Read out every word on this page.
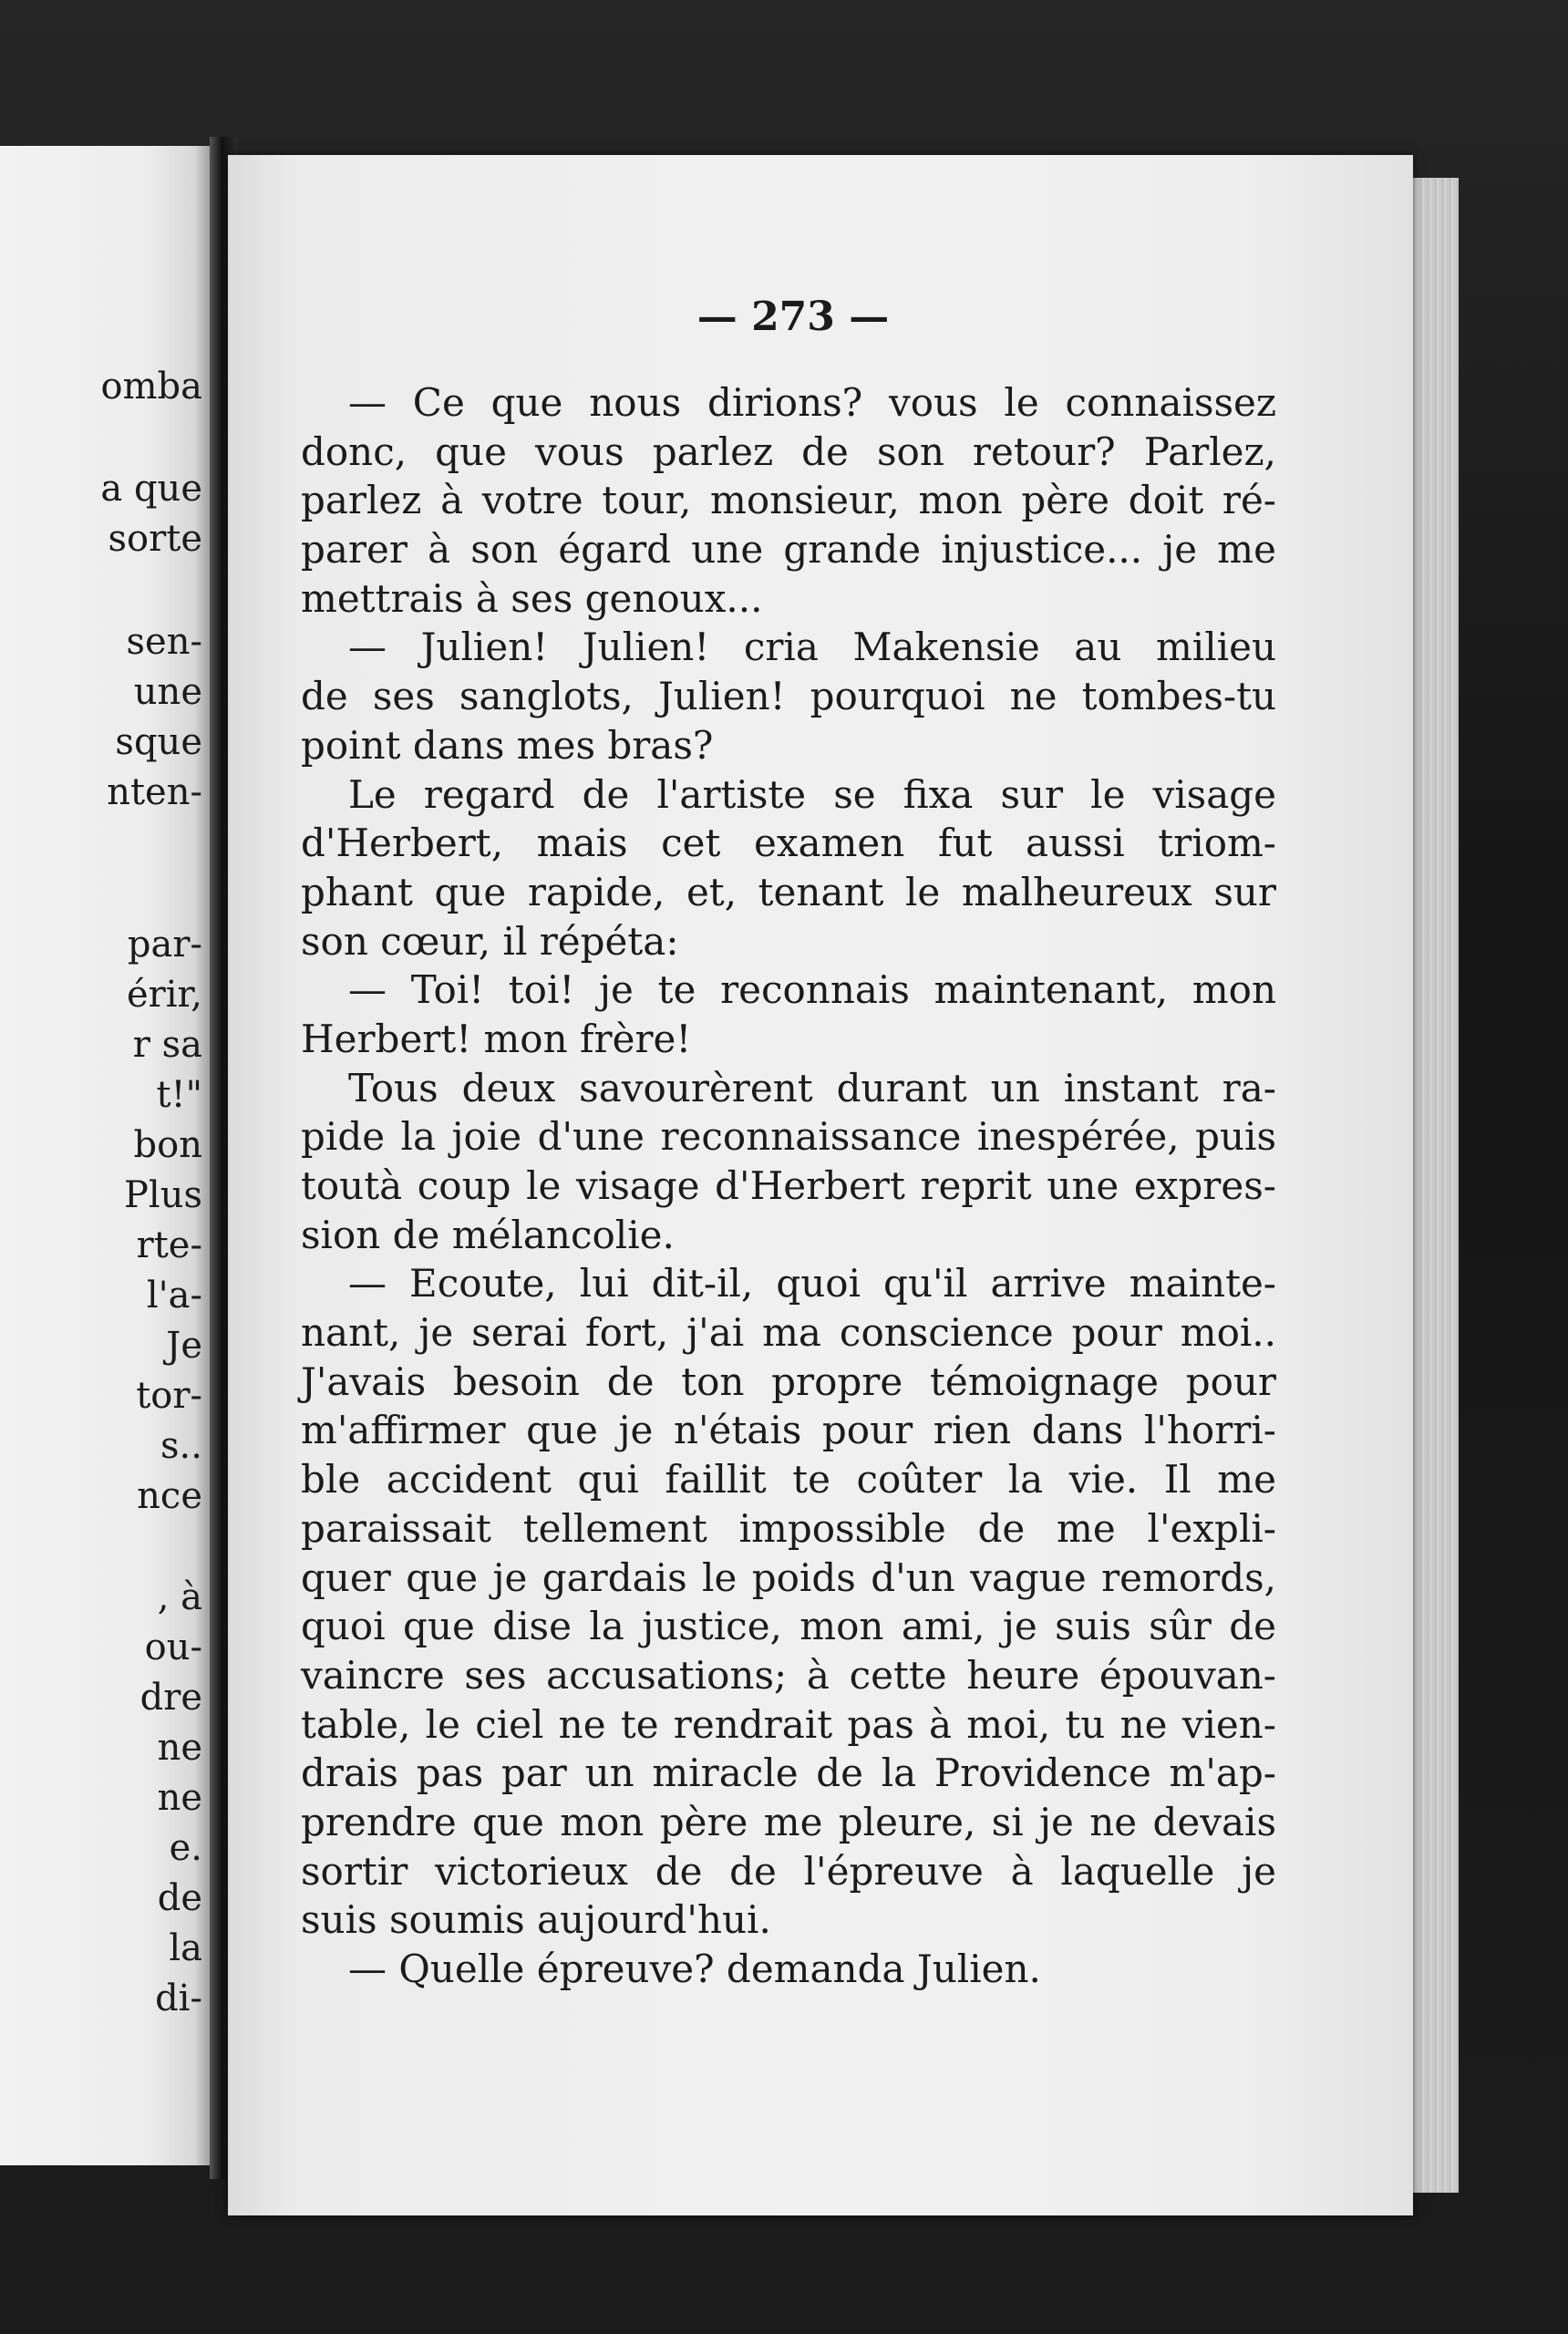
omba
a que
sorte
sen-
une
sque
nten-
par-
érir,
r sa
t!"
bon
Plus
rte-
l'a-
Je
tor-
s..
nce
, à
ou-
dre
ne
ne
e.
de
la
di-
— 273 —
— Ce que nous dirions? vous le connaissez
donc, que vous parlez de son retour? Parlez,
parlez à votre tour, monsieur, mon père doit ré-
parer à son égard une grande injustice... je me
mettrais à ses genoux...
— Julien! Julien! cria Makensie au milieu
de ses sanglots, Julien! pourquoi ne tombes-tu
point dans mes bras?
Le regard de l'artiste se fixa sur le visage
d'Herbert, mais cet examen fut aussi triom-
phant que rapide, et, tenant le malheureux sur
son cœur, il répéta:
— Toi! toi! je te reconnais maintenant, mon
Herbert! mon frère!
Tous deux savourèrent durant un instant ra-
pide la joie d'une reconnaissance inespérée, puis
toutà coup le visage d'Herbert reprit une expres-
sion de mélancolie.
— Ecoute, lui dit-il, quoi qu'il arrive mainte-
nant, je serai fort, j'ai ma conscience pour moi..
J'avais besoin de ton propre témoignage pour
m'affirmer que je n'étais pour rien dans l'horri-
ble accident qui faillit te coûter la vie. Il me
paraissait tellement impossible de me l'expli-
quer que je gardais le poids d'un vague remords,
quoi que dise la justice, mon ami, je suis sûr de
vaincre ses accusations; à cette heure épouvan-
table, le ciel ne te rendrait pas à moi, tu ne vien-
drais pas par un miracle de la Providence m'ap-
prendre que mon père me pleure, si je ne devais
sortir victorieux de de l'épreuve à laquelle je
suis soumis aujourd'hui.
— Quelle épreuve? demanda Julien.
